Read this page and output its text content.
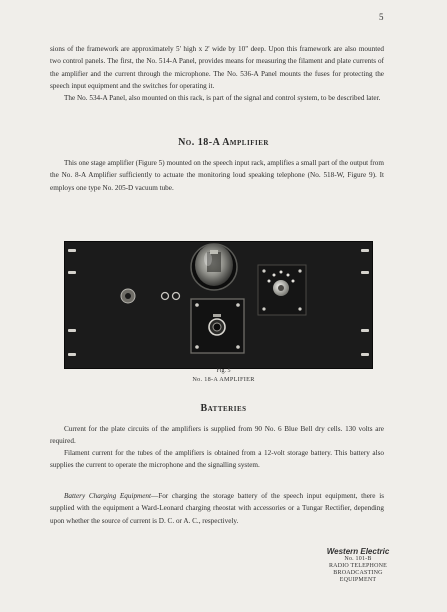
5

sions of the framework are approximately 5' high x 2' wide by 10" deep. Upon this framework are also mounted two control panels. The first, the No. 514-A Panel, provides means for measuring the filament and plate currents of the amplifier and the current through the microphone. The No. 536-A Panel mounts the fuses for protecting the speech input equipment and the switches for operating it.

The No. 534-A Panel, also mounted on this rack, is part of the signal and control system, to be described later.

No. 18-A Amplifier

This one stage amplifier (Figure 5) mounted on the speech input rack, amplifies a small part of the output from the No. 8-A Amplifier sufficiently to actuate the monitoring loud speaking telephone (No. 518-W, Figure 9). It employs one type No. 205-D vacuum tube.

Fig. 5

No. 18-A AMPLIFIER

Batteries

Current for the plate circuits of the amplifiers is supplied from 90 No. 6 Blue Bell dry cells. 130 volts are required.

Filament current for the tubes of the amplifiers is obtained from a 12-volt storage battery. This battery also supplies the current to operate the microphone and the signalling system.

Battery Charging Equipment—For charging the storage battery of the speech input equipment, there is supplied with the equipment a Ward-Leonard charging rheostat with accessories or a Tungar Rectifier, depending upon whether the source of current is D. C. or A. C., respectively.

Western Electric
No. 101-B
RADIO TELEPHONE
BROADCASTING
EQUIPMENT
